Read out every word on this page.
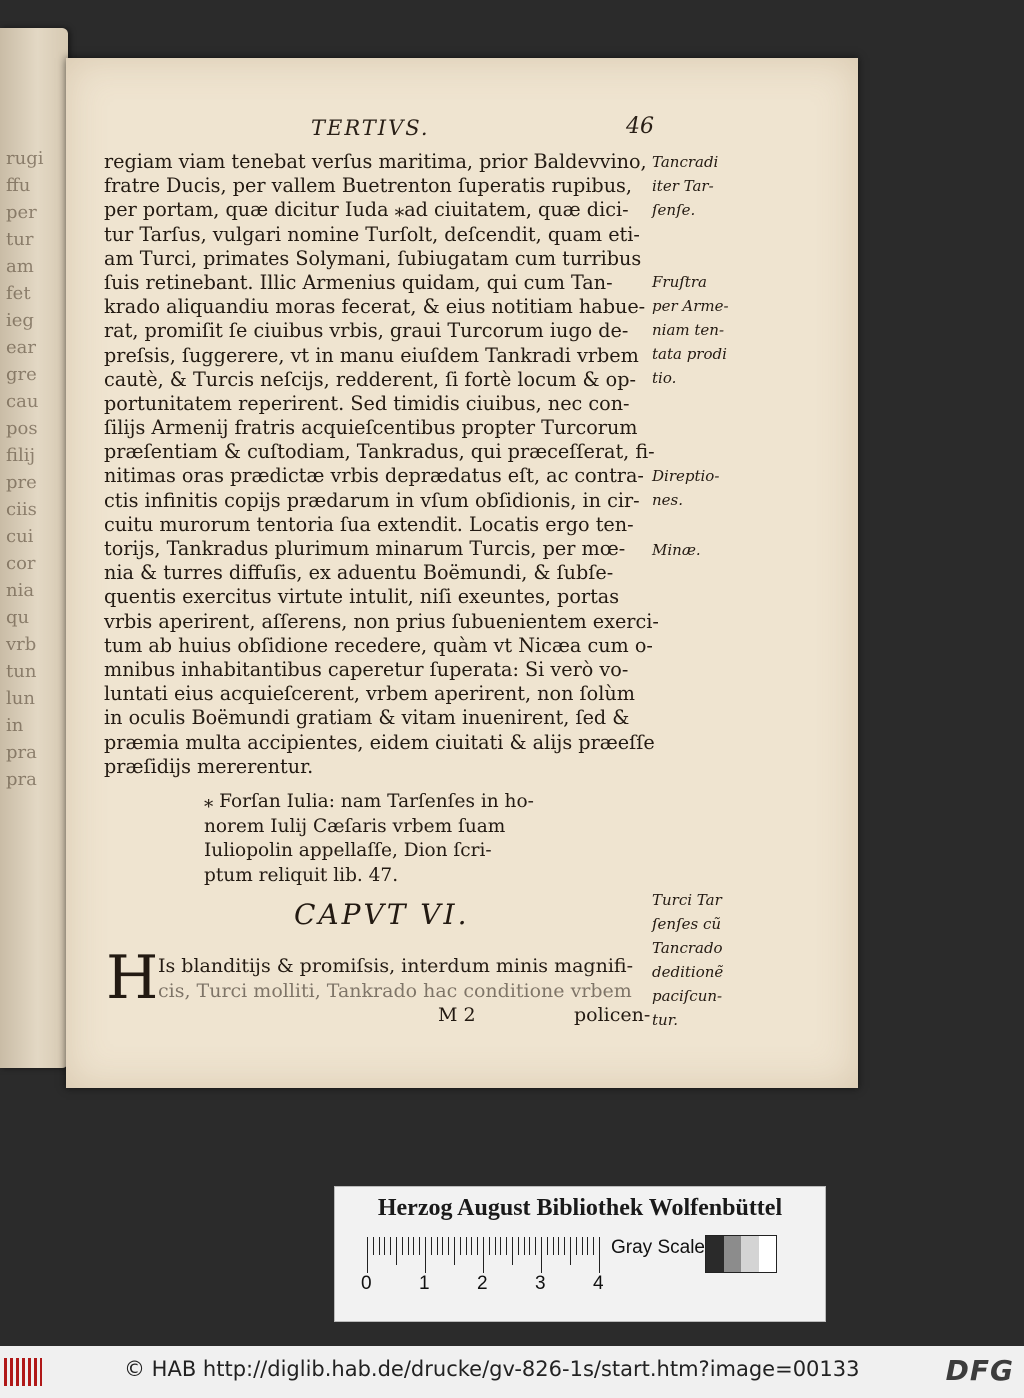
rugi
ffu
per
tur
am
fet
ieg
ear
gre
cau
pos
filij
pre
ciis
cui
cor
nia
qu
vrb
tun
lun
in
pra
pra
TERTIVS.	46
regiam viam tenebat verſus maritima, prior Baldevvino,
fratre Ducis, per vallem Buetrenton ſuperatis rupibus,
per portam, quæ dicitur Iuda ⁎ad ciuitatem, quæ dici-
tur Tarſus, vulgari nomine Turſolt, deſcendit, quam eti-
am Turci, primates Solymani, ſubiugatam cum turribus
ſuis retinebant. Illic Armenius quidam, qui cum Tan-
krado aliquandiu moras fecerat, & eius notitiam habue-
rat, promiſit ſe ciuibus vrbis, graui Turcorum iugo de-
preſsis, ſuggerere, vt in manu eiuſdem Tankradi vrbem
cautè, & Turcis neſcijs, redderent, ſi fortè locum & op-
portunitatem reperirent. Sed timidis ciuibus, nec con-
ſilijs Armenij fratris acquieſcentibus propter Turcorum
præſentiam & cuſtodiam, Tankradus, qui præceſſerat, fi-
nitimas oras prædictæ vrbis deprædatus eſt, ac contra-
ctis infinitis copijs prædarum in vſum obſidionis, in cir-
cuitu murorum tentoria ſua extendit. Locatis ergo ten-
torijs, Tankradus plurimum minarum Turcis, per mœ-
nia & turres diffuſis, ex aduentu Boëmundi, & ſubſe-
quentis exercitus virtute intulit, niſi exeuntes, portas
vrbis aperirent, aſſerens, non prius ſubuenientem exerci-
tum ab huius obſidione recedere, quàm vt Nicæa cum o-
mnibus inhabitantibus caperetur ſuperata: Si verò vo-
luntati eius acquieſcerent, vrbem aperirent, non ſolùm
in oculis Boëmundi gratiam & vitam inuenirent, ſed &
præmia multa accipientes, eidem ciuitati & alijs præeſſe
præſidijs mererentur.
Tancradi
iter Tar-
ſenſe.
Fruſtra
per Arme-
niam ten-
tata prodi
tio.
Direptio-
nes.
Minæ.
Turci Tar
ſenſes cũ
Tancrado
deditionẽ
paciſcun-
tur.
⁎ Forſan Iulia: nam Tarſenſes in ho-
norem Iulij Cæſaris vrbem ſuam
Iuliopolin appellaſſe, Dion ſcri-
ptum reliquit lib. 47.
CAPVT VI.
H Is blanditijs & promiſsis, interdum minis magnifi-
cis, Turci molliti, Tankrado hac conditione vrbem
M 2	policen-
Herzog August Bibliothek Wolfenbüttel
0 1 2 3 4
Gray Scale
© HAB http://diglib.hab.de/drucke/gv-826-1s/start.htm?image=00133	DFG
